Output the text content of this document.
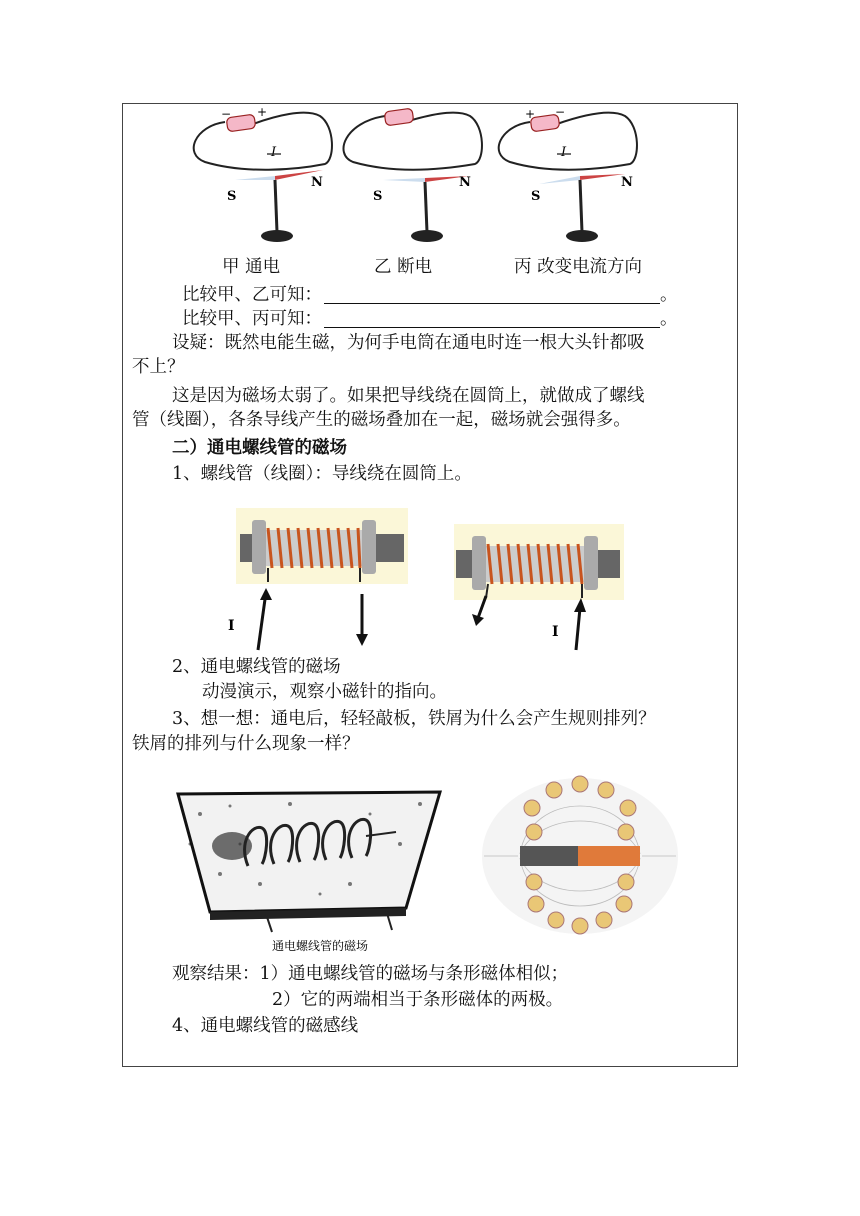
− +
I
S
N
S
N
+ −
I
S
N
甲 通电	乙 断电	丙 改变电流方向
比较甲、乙可知：	。
比较甲、丙可知：	。
设疑：既然电能生磁，为何手电筒在通电时连一根大头针都吸
不上？
这是因为磁场太弱了。如果把导线绕在圆筒上，就做成了螺线
管（线圈），各条导线产生的磁场叠加在一起，磁场就会强得多。
二）通电螺线管的磁场
1、螺线管（线圈）：导线绕在圆筒上。
I	I
2、通电螺线管的磁场
动漫演示，观察小磁针的指向。
3、想一想：通电后，轻轻敲板，铁屑为什么会产生规则排列？
铁屑的排列与什么现象一样？
通电螺线管的磁场
观察结果：1）通电螺线管的磁场与条形磁体相似；
2）它的两端相当于条形磁体的两极。
4、通电螺线管的磁感线
